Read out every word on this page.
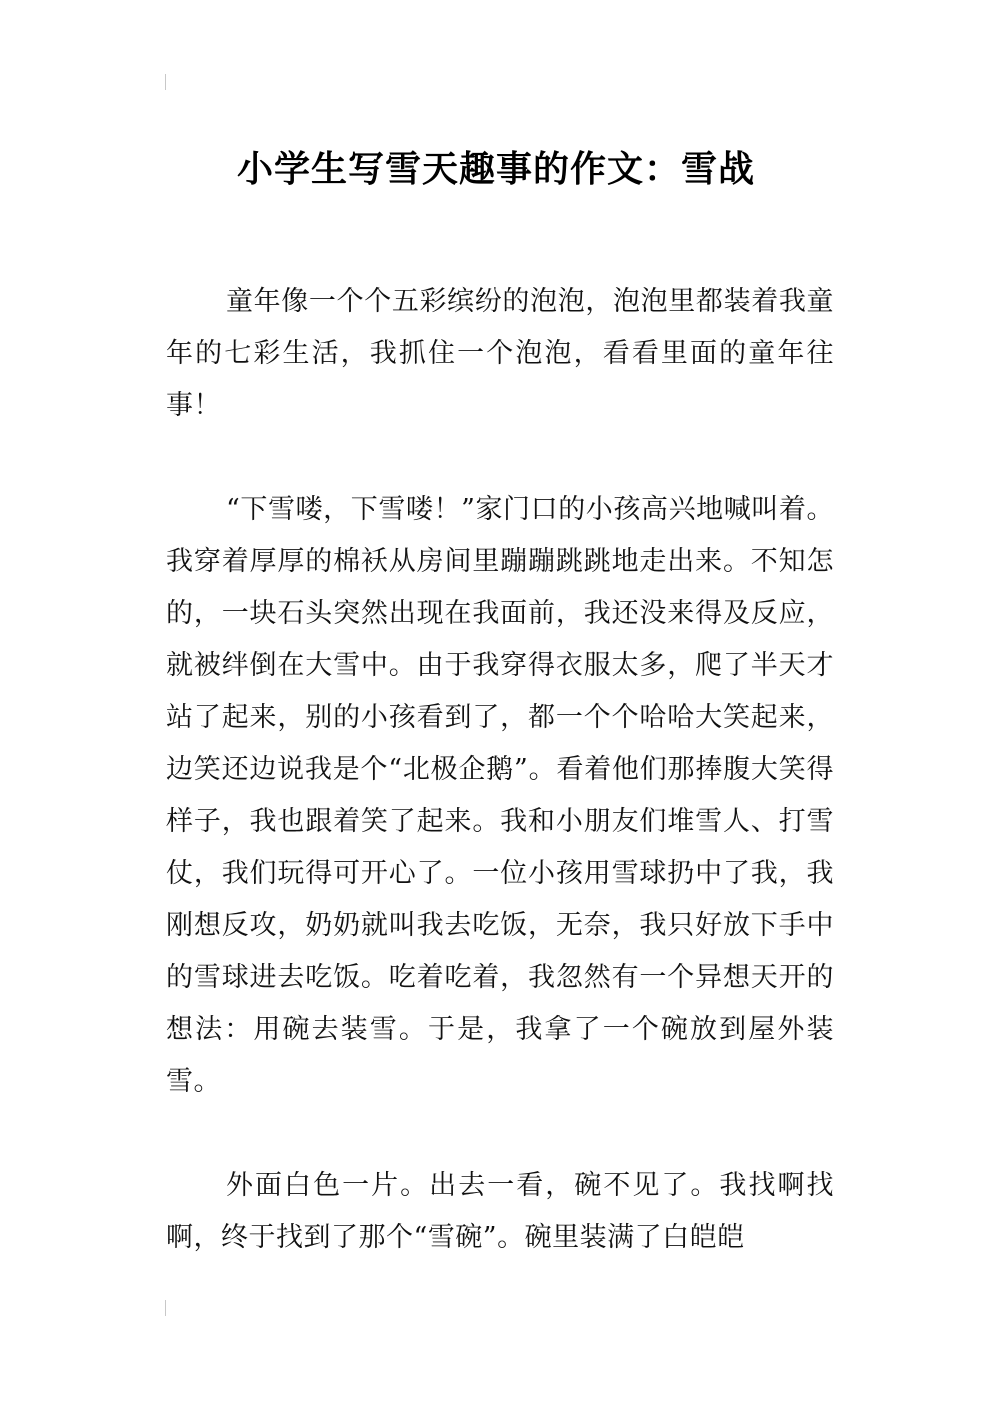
小学生写雪天趣事的作文：雪战

童年像一个个五彩缤纷的泡泡，泡泡里都装着我童年的七彩生活，我抓住一个泡泡，看看里面的童年往事！

“下雪喽，下雪喽！”家门口的小孩高兴地喊叫着。我穿着厚厚的棉袄从房间里蹦蹦跳跳地走出来。不知怎的，一块石头突然出现在我面前，我还没来得及反应，就被绊倒在大雪中。由于我穿得衣服太多，爬了半天才站了起来，别的小孩看到了，都一个个哈哈大笑起来，边笑还边说我是个“北极企鹅”。看着他们那捧腹大笑得样子，我也跟着笑了起来。我和小朋友们堆雪人、打雪仗，我们玩得可开心了。一位小孩用雪球扔中了我，我刚想反攻，奶奶就叫我去吃饭，无奈，我只好放下手中的雪球进去吃饭。吃着吃着，我忽然有一个异想天开的想法：用碗去装雪。于是，我拿了一个碗放到屋外装雪。

外面白色一片。出去一看，碗不见了。我找啊找啊，终于找到了那个“雪碗”。碗里装满了白皑皑
